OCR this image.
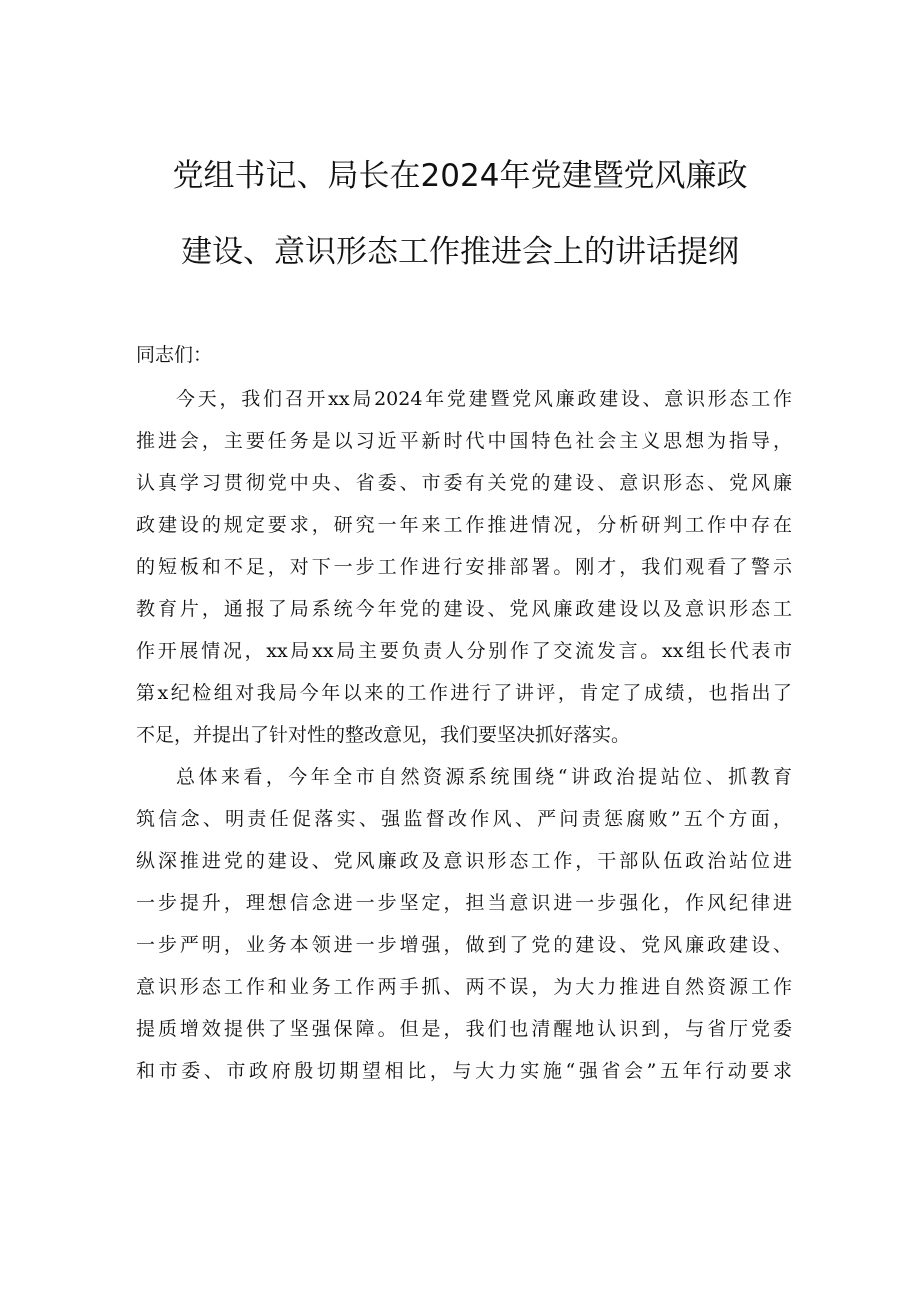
党组书记、局长在2024年党建暨党风廉政
建设、意识形态工作推进会上的讲话提纲
同志们：
今天，我们召开xx局2024年党建暨党风廉政建设、意识形态工作
推进会，主要任务是以习近平新时代中国特色社会主义思想为指导，
认真学习贯彻党中央、省委、市委有关党的建设、意识形态、党风廉
政建设的规定要求，研究一年来工作推进情况，分析研判工作中存在
的短板和不足，对下一步工作进行安排部署。刚才，我们观看了警示
教育片，通报了局系统今年党的建设、党风廉政建设以及意识形态工
作开展情况，xx局xx局主要负责人分别作了交流发言。xx组长代表市
第x纪检组对我局今年以来的工作进行了讲评，肯定了成绩，也指出了
不足，并提出了针对性的整改意见，我们要坚决抓好落实。
总体来看，今年全市自然资源系统围绕“讲政治提站位、抓教育
筑信念、明责任促落实、强监督改作风、严问责惩腐败”五个方面，
纵深推进党的建设、党风廉政及意识形态工作，干部队伍政治站位进
一步提升，理想信念进一步坚定，担当意识进一步强化，作风纪律进
一步严明，业务本领进一步增强，做到了党的建设、党风廉政建设、
意识形态工作和业务工作两手抓、两不误，为大力推进自然资源工作
提质增效提供了坚强保障。但是，我们也清醒地认识到，与省厅党委
和市委、市政府殷切期望相比，与大力实施“强省会”五年行动要求
